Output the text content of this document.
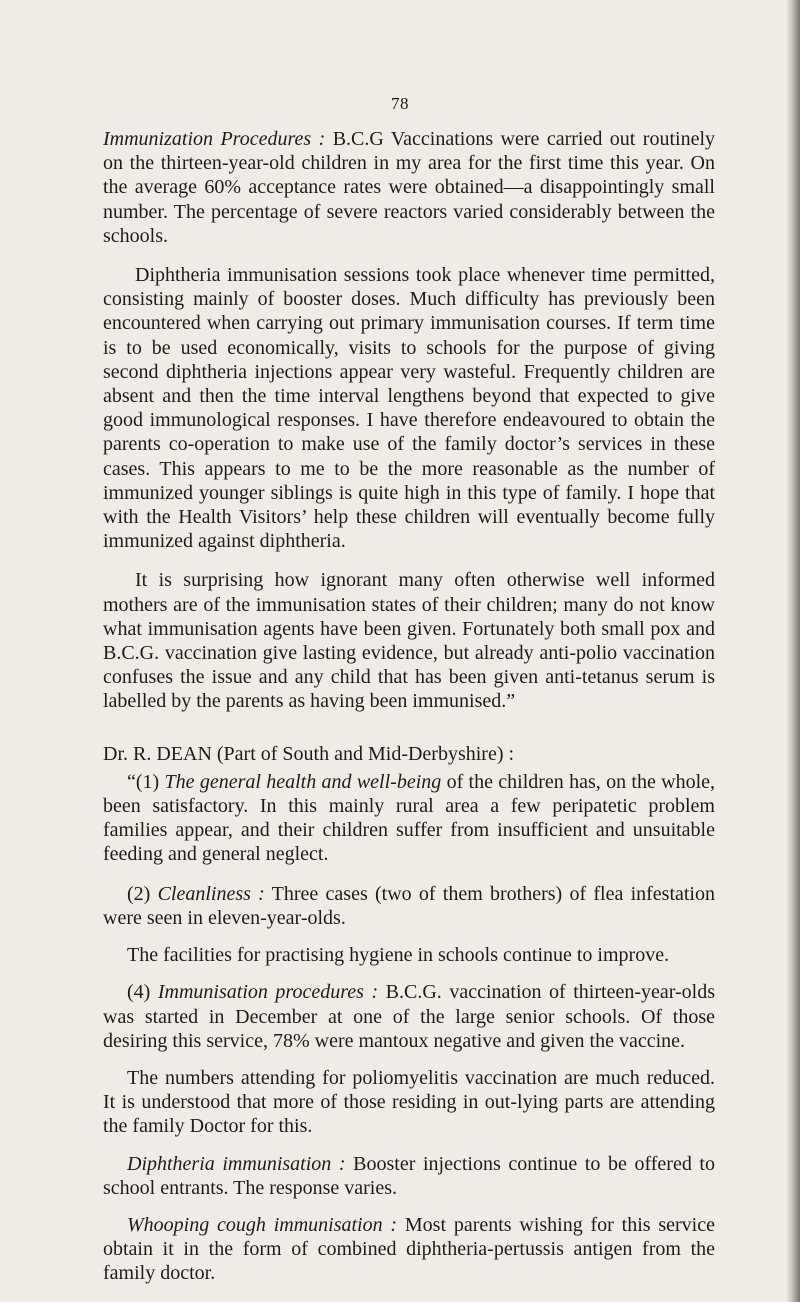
78

Immunization Procedures : B.C.G Vaccinations were carried out routinely on the thirteen-year-old children in my area for the first time this year. On the average 60% acceptance rates were obtained—a disappointingly small number. The percentage of severe reactors varied considerably between the schools.

Diphtheria immunisation sessions took place whenever time permitted, consisting mainly of booster doses. Much difficulty has previously been encountered when carrying out primary immunisation courses. If term time is to be used economically, visits to schools for the purpose of giving second diphtheria injections appear very wasteful. Frequently children are absent and then the time interval lengthens beyond that expected to give good immunological responses. I have therefore endeavoured to obtain the parents co-operation to make use of the family doctor’s services in these cases. This appears to me to be the more reasonable as the number of immunized younger siblings is quite high in this type of family. I hope that with the Health Visitors’ help these children will eventually become fully immunized against diphtheria.

It is surprising how ignorant many often otherwise well informed mothers are of the immunisation states of their children; many do not know what immunisation agents have been given. Fortunately both small pox and B.C.G. vaccination give lasting evidence, but already anti-polio vaccination confuses the issue and any child that has been given anti-tetanus serum is labelled by the parents as having been immunised.”

Dr. R. DEAN (Part of South and Mid-Derbyshire) :

“(1) The general health and well-being of the children has, on the whole, been satisfactory. In this mainly rural area a few peripatetic problem families appear, and their children suffer from insufficient and unsuitable feeding and general neglect.

(2) Cleanliness : Three cases (two of them brothers) of flea infestation were seen in eleven-year-olds.

The facilities for practising hygiene in schools continue to improve.

(4) Immunisation procedures : B.C.G. vaccination of thirteen-year-olds was started in December at one of the large senior schools. Of those desiring this service, 78% were mantoux negative and given the vaccine.

The numbers attending for poliomyelitis vaccination are much reduced. It is understood that more of those residing in out-lying parts are attending the family Doctor for this.

Diphtheria immunisation : Booster injections continue to be offered to school entrants. The response varies.

Whooping cough immunisation : Most parents wishing for this service obtain it in the form of combined diphtheria-pertussis antigen from the family doctor.
